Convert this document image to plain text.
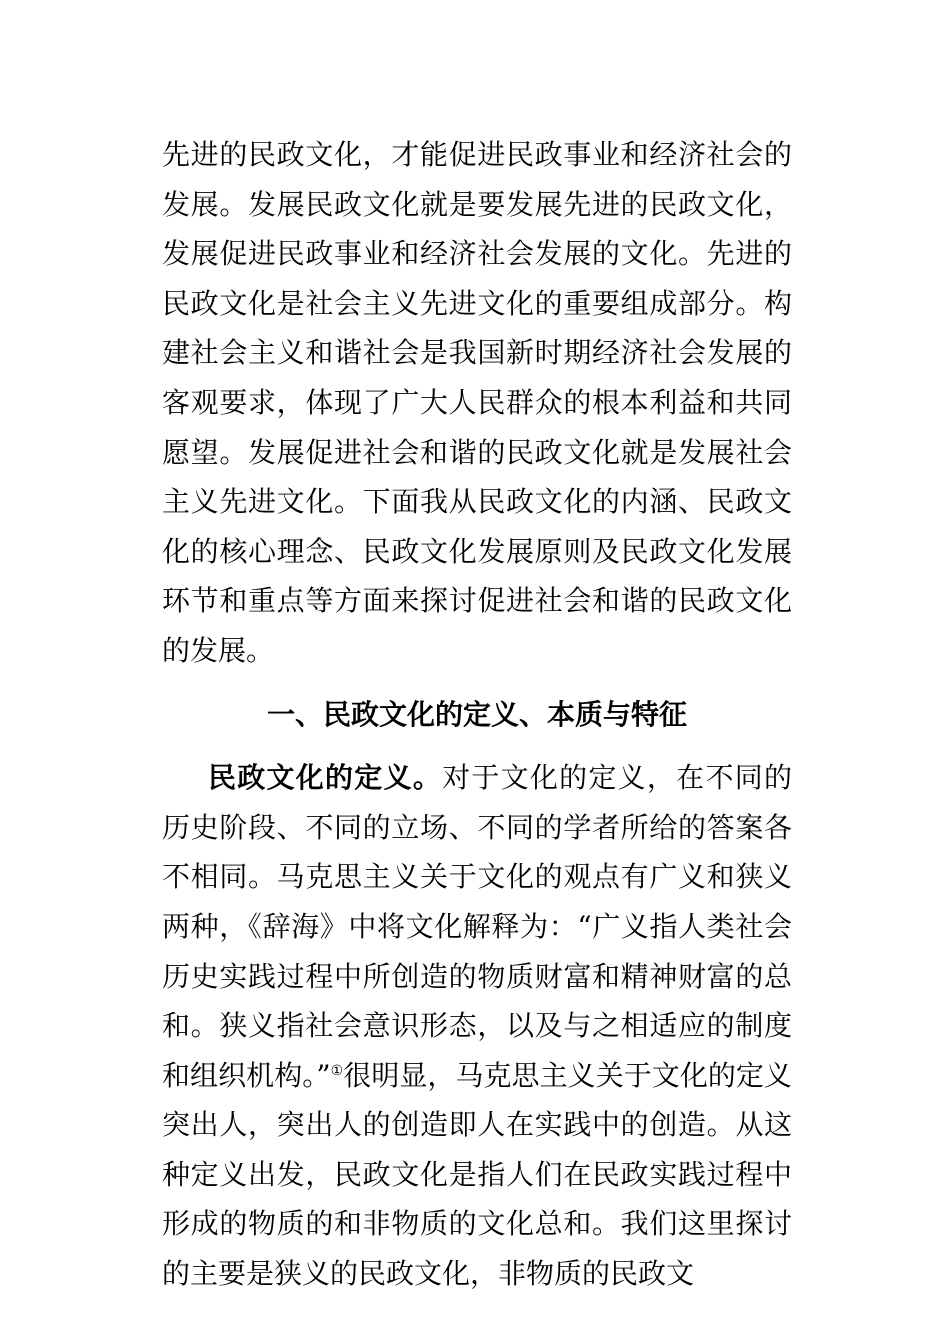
先进的民政文化，才能促进民政事业和经济社会的发展。发展民政文化就是要发展先进的民政文化，发展促进民政事业和经济社会发展的文化。先进的民政文化是社会主义先进文化的重要组成部分。构建社会主义和谐社会是我国新时期经济社会发展的客观要求，体现了广大人民群众的根本利益和共同愿望。发展促进社会和谐的民政文化就是发展社会主义先进文化。下面我从民政文化的内涵、民政文化的核心理念、民政文化发展原则及民政文化发展环节和重点等方面来探讨促进社会和谐的民政文化的发展。

一、民政文化的定义、本质与特征

民政文化的定义。对于文化的定义，在不同的历史阶段、不同的立场、不同的学者所给的答案各不相同。马克思主义关于文化的观点有广义和狭义两种，《辞海》中将文化解释为：“广义指人类社会历史实践过程中所创造的物质财富和精神财富的总和。狭义指社会意识形态，以及与之相适应的制度和组织机构。”①很明显，马克思主义关于文化的定义突出人，突出人的创造即人在实践中的创造。从这种定义出发，民政文化是指人们在民政实践过程中形成的物质的和非物质的文化总和。我们这里探讨的主要是狭义的民政文化，非物质的民政文
